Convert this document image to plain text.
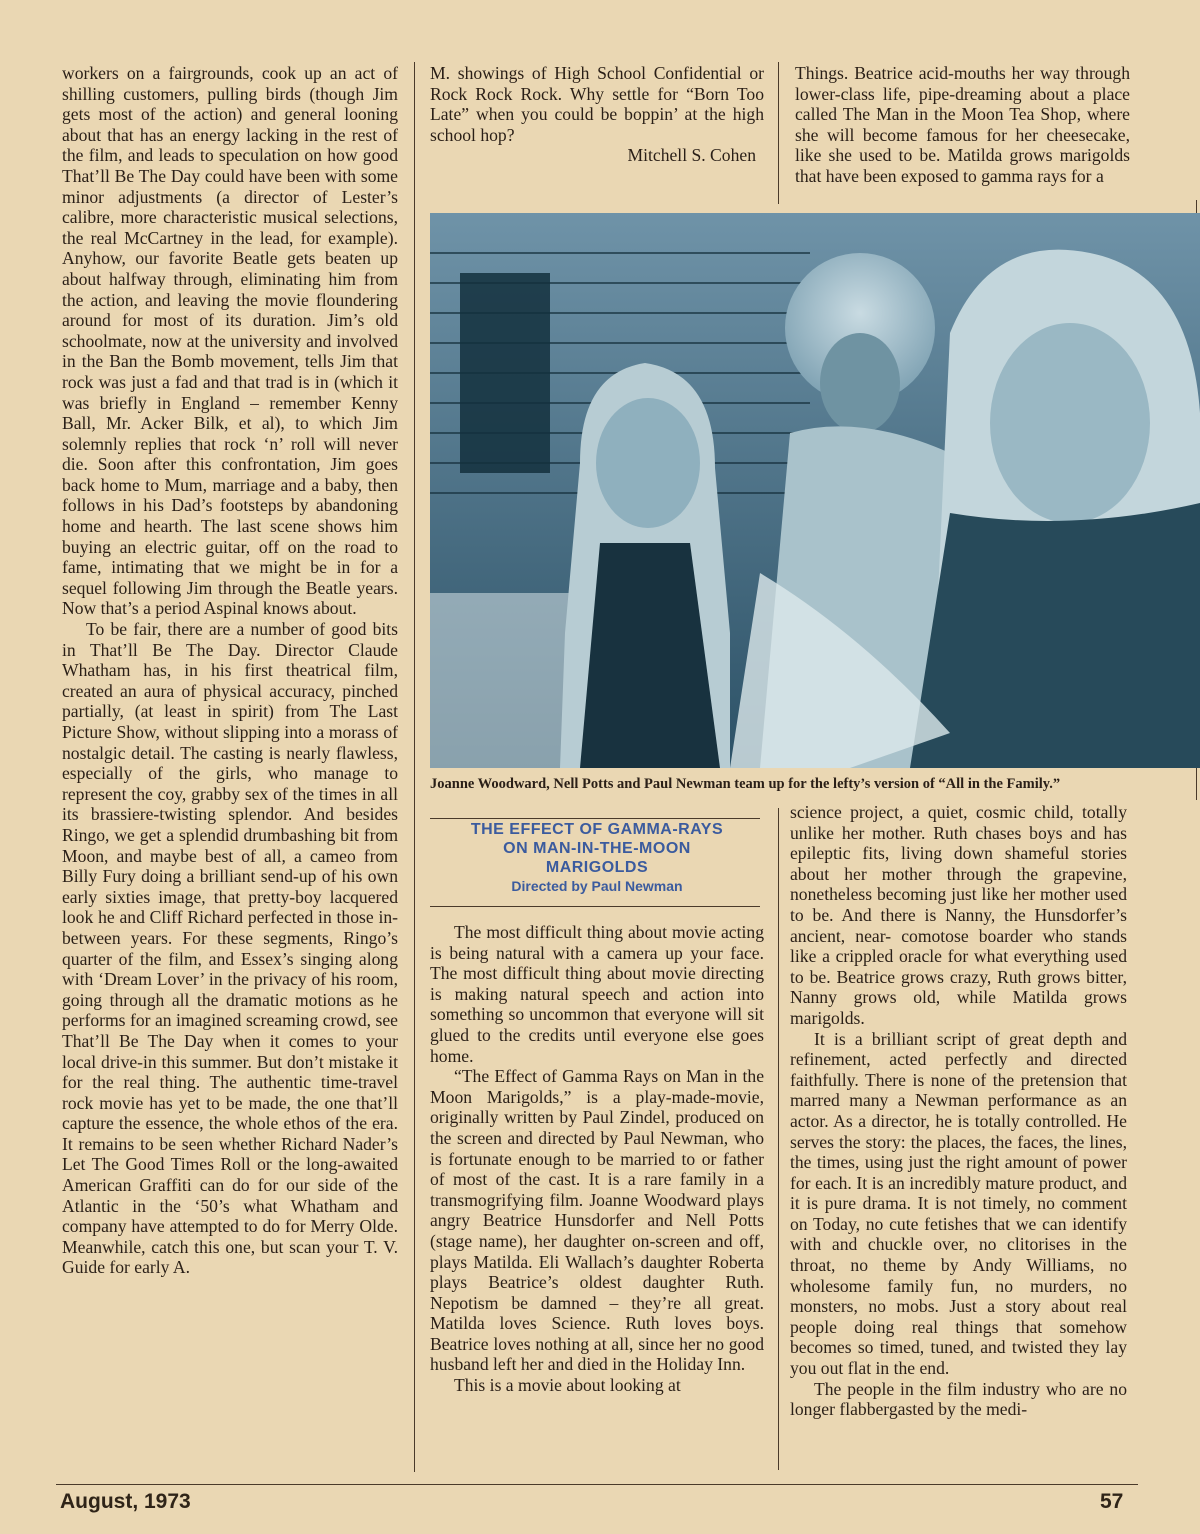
workers on a fairgrounds, cook up an act of shilling customers, pulling birds (though Jim gets most of the action) and general looning about that has an energy lacking in the rest of the film, and leads to speculation on how good That’ll Be The Day could have been with some minor adjustments (a director of Lester’s calibre, more characteristic musical selections, the real McCartney in the lead, for example). Anyhow, our favorite Beatle gets beaten up about halfway through, eliminating him from the action, and leaving the movie floundering around for most of its duration. Jim’s old schoolmate, now at the university and involved in the Ban the Bomb movement, tells Jim that rock was just a fad and that trad is in (which it was briefly in England – remember Kenny Ball, Mr. Acker Bilk, et al), to which Jim solemnly replies that rock ‘n’ roll will never die. Soon after this confrontation, Jim goes back home to Mum, marriage and a baby, then follows in his Dad’s footsteps by abandoning home and hearth. The last scene shows him buying an electric guitar, off on the road to fame, intimating that we might be in for a sequel following Jim through the Beatle years. Now that’s a period Aspinal knows about.

To be fair, there are a number of good bits in That’ll Be The Day. Director Claude Whatham has, in his first theatrical film, created an aura of physical accuracy, pinched partially, (at least in spirit) from The Last Picture Show, without slipping into a morass of nostalgic detail. The casting is nearly flawless, especially of the girls, who manage to represent the coy, grabby sex of the times in all its brassiere-twisting splendor. And besides Ringo, we get a splendid drumbashing bit from Moon, and maybe best of all, a cameo from Billy Fury doing a brilliant send-up of his own early sixties image, that pretty-boy lacquered look he and Cliff Richard perfected in those in-between years. For these segments, Ringo’s quarter of the film, and Essex’s singing along with ‘Dream Lover’ in the privacy of his room, going through all the dramatic motions as he performs for an imagined screaming crowd, see That’ll Be The Day when it comes to your local drive-in this summer. But don’t mistake it for the real thing. The authentic time-travel rock movie has yet to be made, the one that’ll capture the essence, the whole ethos of the era. It remains to be seen whether Richard Nader’s Let The Good Times Roll or the long-awaited American Graffiti can do for our side of the Atlantic in the ‘50’s what Whatham and company have attempted to do for Merry Olde. Meanwhile, catch this one, but scan your T. V. Guide for early A.

M. showings of High School Confidential or Rock Rock Rock. Why settle for “Born Too Late” when you could be boppin’ at the high school hop?

Mitchell S. Cohen

Things. Beatrice acid-mouths her way through lower-class life, pipe-dreaming about a place called The Man in the Moon Tea Shop, where she will become famous for her cheesecake, like she used to be. Matilda grows marigolds that have been exposed to gamma rays for a

Joanne Woodward, Nell Potts and Paul Newman team up for the lefty’s version of “All in the Family.”
THE EFFECT OF GAMMA-RAYS
ON MAN-IN-THE-MOON
MARIGOLDS
Directed by Paul Newman

The most difficult thing about movie acting is being natural with a camera up your face. The most difficult thing about movie directing is making natural speech and action into something so uncommon that everyone will sit glued to the credits until everyone else goes home.

“The Effect of Gamma Rays on Man in the Moon Marigolds,” is a play-made-movie, originally written by Paul Zindel, produced on the screen and directed by Paul Newman, who is fortunate enough to be married to or father of most of the cast. It is a rare family in a transmogrifying film. Joanne Woodward plays angry Beatrice Hunsdorfer and Nell Potts (stage name), her daughter on-screen and off, plays Matilda. Eli Wallach’s daughter Roberta plays Beatrice’s oldest daughter Ruth. Nepotism be damned – they’re all great. Matilda loves Science. Ruth loves boys. Beatrice loves nothing at all, since her no good husband left her and died in the Holiday Inn.

This is a movie about looking at

science project, a quiet, cosmic child, totally unlike her mother. Ruth chases boys and has epileptic fits, living down shameful stories about her mother through the grapevine, nonetheless becoming just like her mother used to be. And there is Nanny, the Hunsdorfer’s ancient, near- comotose boarder who stands like a crippled oracle for what everything used to be. Beatrice grows crazy, Ruth grows bitter, Nanny grows old, while Matilda grows marigolds.

It is a brilliant script of great depth and refinement, acted perfectly and directed faithfully. There is none of the pretension that marred many a Newman performance as an actor. As a director, he is totally controlled. He serves the story: the places, the faces, the lines, the times, using just the right amount of power for each. It is an incredibly mature product, and it is pure drama. It is not timely, no comment on Today, no cute fetishes that we can identify with and chuckle over, no clitorises in the throat, no theme by Andy Williams, no wholesome family fun, no murders, no monsters, no mobs. Just a story about real people doing real things that somehow becomes so timed, tuned, and twisted they lay you out flat in the end.

The people in the film industry who are no longer flabbergasted by the medi-

August, 1973	57
